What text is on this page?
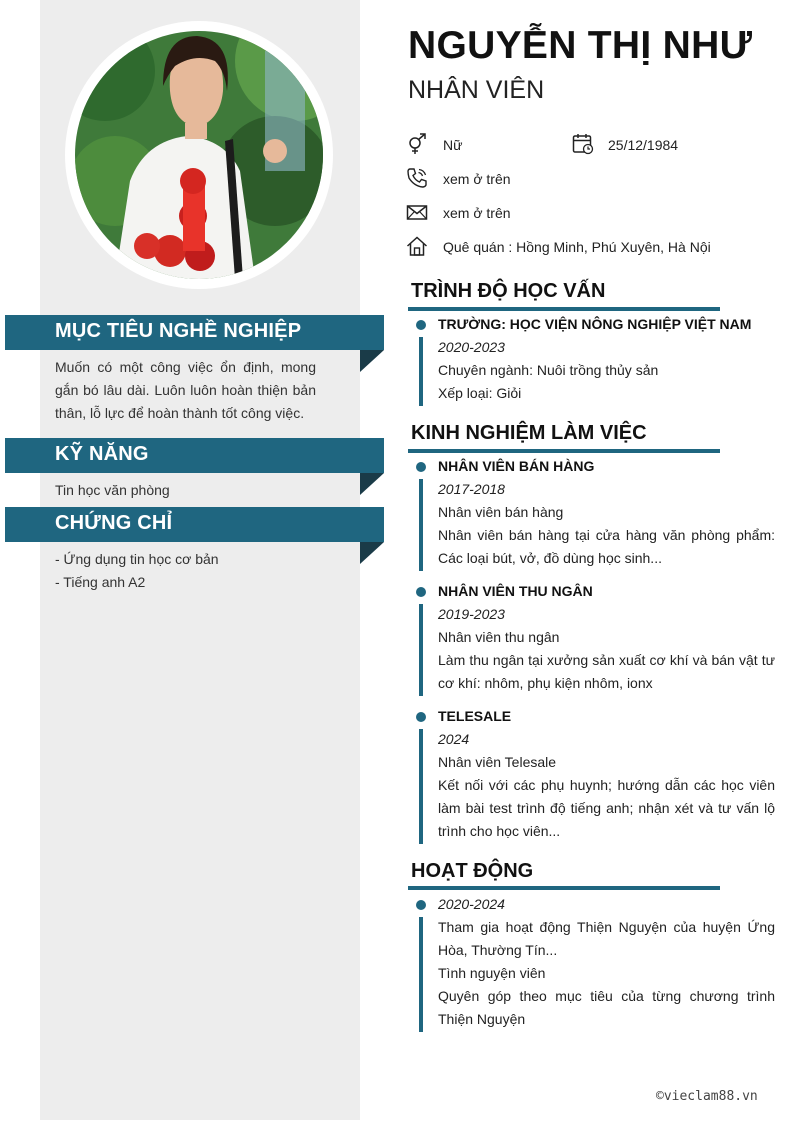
MỤC TIÊU NGHỀ NGHIỆP
Muốn có một công việc ổn định, mong gắn bó lâu dài. Luôn luôn hoàn thiện bản thân, lỗ lực để hoàn thành tốt công việc.
KỸ NĂNG
Tin học văn phòng
CHỨNG CHỈ
- Ứng dụng tin học cơ bản
- Tiếng anh A2
NGUYỄN THỊ NHƯ
NHÂN VIÊN
Nữ	25/12/1984
xem ở trên
xem ở trên
Quê quán : Hồng Minh, Phú Xuyên, Hà Nội
TRÌNH ĐỘ HỌC VẤN
TRƯỜNG: HỌC VIỆN NÔNG NGHIỆP VIỆT NAM
2020-2023
Chuyên ngành: Nuôi trồng thủy sản
Xếp loại: Giỏi
KINH NGHIỆM LÀM VIỆC
NHÂN VIÊN BÁN HÀNG
2017-2018
Nhân viên bán hàng
Nhân viên bán hàng tại cửa hàng văn phòng phẩm: Các loại bút, vở, đồ dùng học sinh...
NHÂN VIÊN THU NGÂN
2019-2023
Nhân viên thu ngân
Làm thu ngân tại xưởng sản xuất cơ khí và bán vật tư cơ khí: nhôm, phụ kiện nhôm, ionx
TELESALE
2024
Nhân viên Telesale
Kết nối với các phụ huynh; hướng dẫn các học viên làm bài test trình độ tiếng anh; nhận xét và tư vấn lộ trình cho học viên...
HOẠT ĐỘNG
2020-2024
Tham gia hoạt động Thiện Nguyện của huyện Ứng Hòa, Thường Tín...
Tình nguyện viên
Quyên góp theo mục tiêu của từng chương trình Thiện Nguyện
©vieclam88.vn
